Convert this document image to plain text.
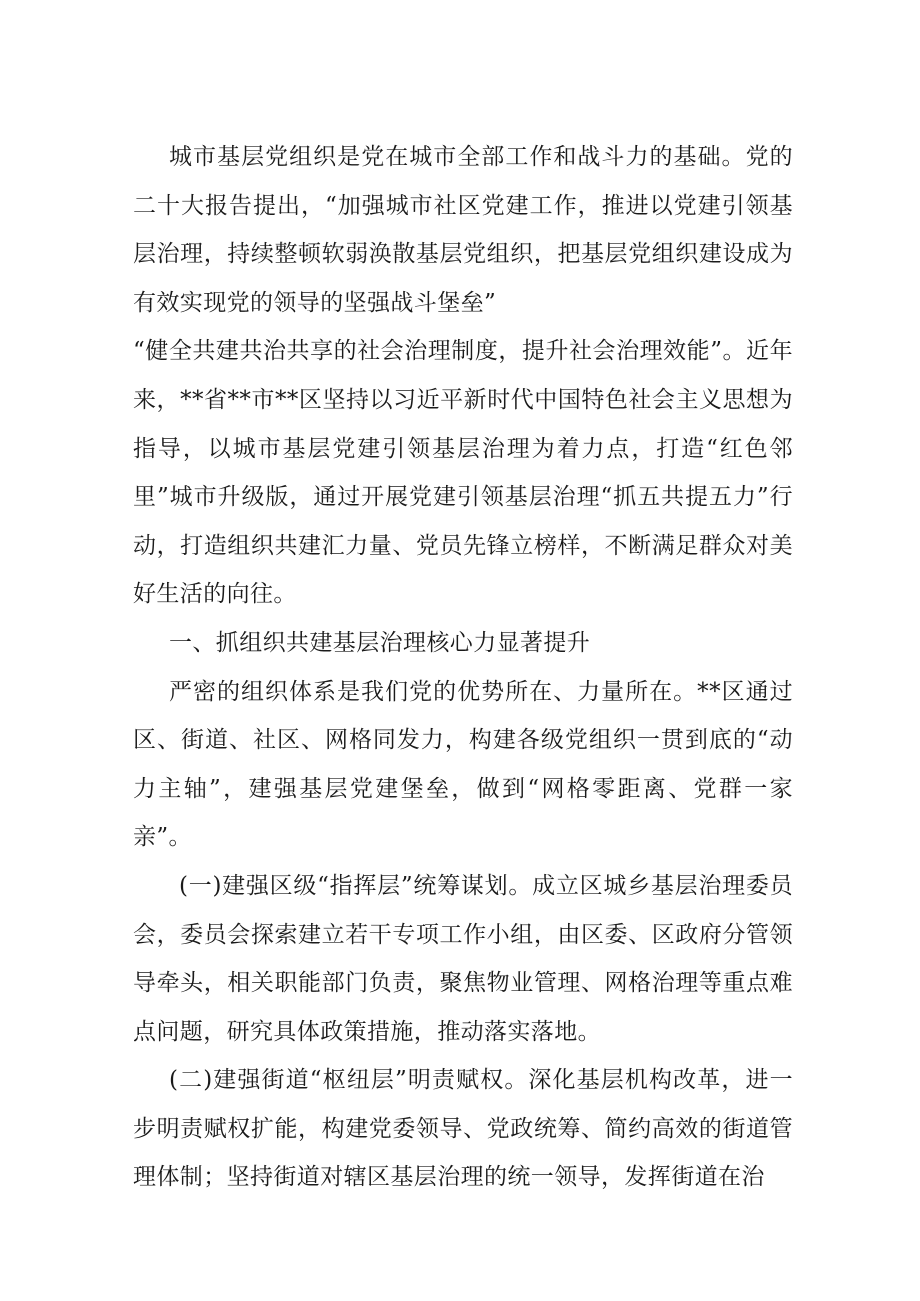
城市基层党组织是党在城市全部工作和战斗力的基础。党的二十大报告提出，“加强城市社区党建工作，推进以党建引领基层治理，持续整顿软弱涣散基层党组织，把基层党组织建设成为有效实现党的领导的坚强战斗堡垒”

“健全共建共治共享的社会治理制度，提升社会治理效能”。近年来，**省**市**区坚持以习近平新时代中国特色社会主义思想为指导，以城市基层党建引领基层治理为着力点，打造“红色邻里”城市升级版，通过开展党建引领基层治理“抓五共提五力”行动，打造组织共建汇力量、党员先锋立榜样，不断满足群众对美好生活的向往。

一、抓组织共建基层治理核心力显著提升

严密的组织体系是我们党的优势所在、力量所在。**区通过区、街道、社区、网格同发力，构建各级党组织一贯到底的“动力主轴”，建强基层党建堡垒，做到“网格零距离、党群一家亲”。

(一)建强区级“指挥层”统筹谋划。成立区城乡基层治理委员会，委员会探索建立若干专项工作小组，由区委、区政府分管领导牵头，相关职能部门负责，聚焦物业管理、网格治理等重点难点问题，研究具体政策措施，推动落实落地。

(二)建强街道“枢纽层”明责赋权。深化基层机构改革，进一步明责赋权扩能，构建党委领导、党政统筹、简约高效的街道管理体制；坚持街道对辖区基层治理的统一领导，发挥街道在治
